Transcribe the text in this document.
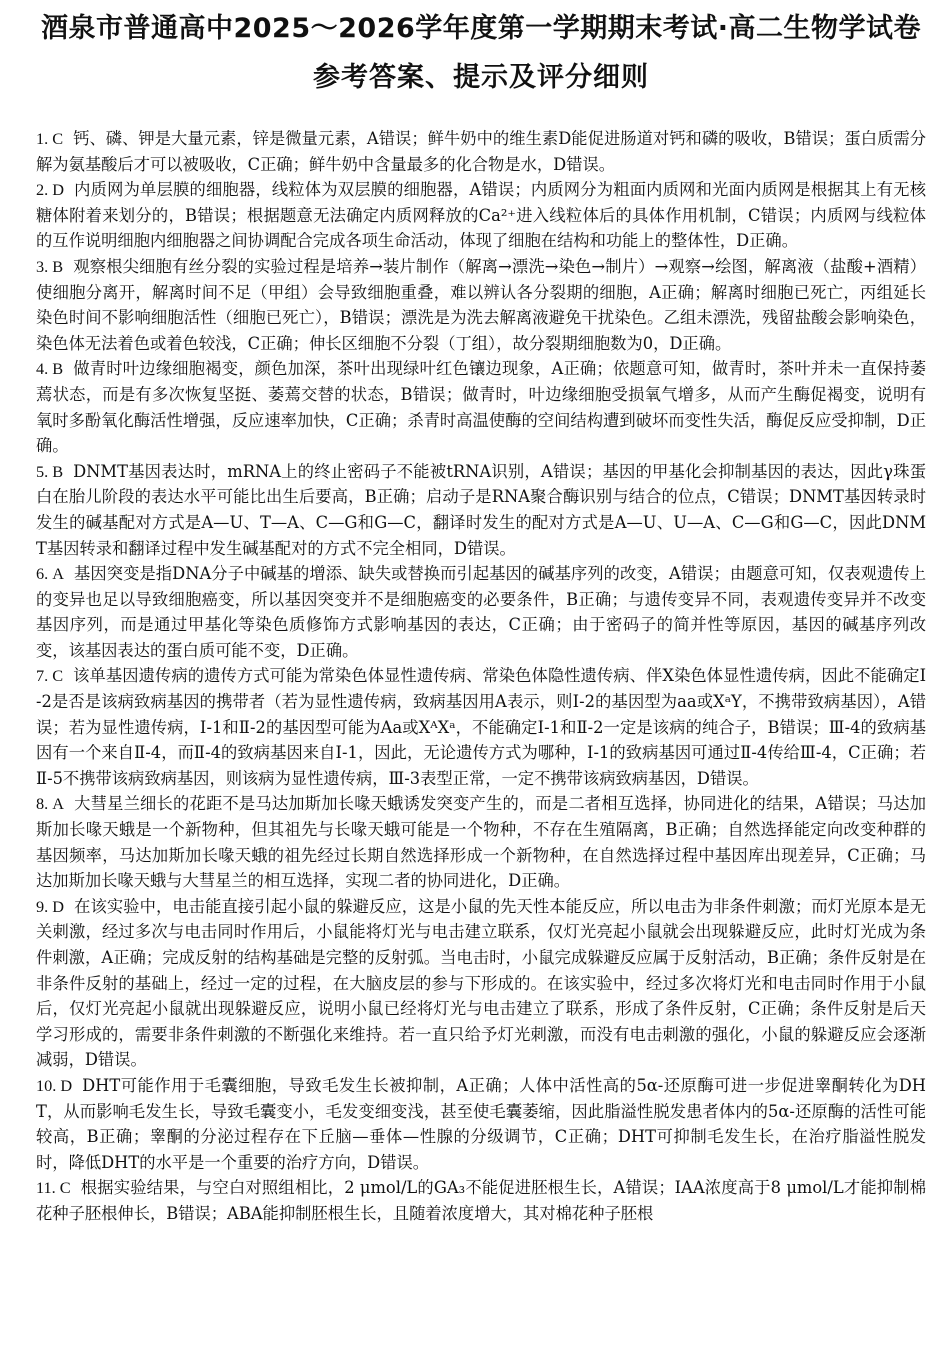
酒泉市普通高中2025～2026学年度第一学期期末考试·高二生物学试卷
参考答案、提示及评分细则

1. C 钙、磷、钾是大量元素，锌是微量元素，A错误；鲜牛奶中的维生素D能促进肠道对钙和磷的吸收，B错误；蛋白质需分解为氨基酸后才可以被吸收，C正确；鲜牛奶中含量最多的化合物是水，D错误。

2. D 内质网为单层膜的细胞器，线粒体为双层膜的细胞器，A错误；内质网分为粗面内质网和光面内质网是根据其上有无核糖体附着来划分的，B错误；根据题意无法确定内质网释放的Ca²⁺进入线粒体后的具体作用机制，C错误；内质网与线粒体的互作说明细胞内细胞器之间协调配合完成各项生命活动，体现了细胞在结构和功能上的整体性，D正确。

3. B 观察根尖细胞有丝分裂的实验过程是培养→装片制作（解离→漂洗→染色→制片）→观察→绘图，解离液（盐酸+酒精）使细胞分离开，解离时间不足（甲组）会导致细胞重叠，难以辨认各分裂期的细胞，A正确；解离时细胞已死亡，丙组延长染色时间不影响细胞活性（细胞已死亡），B错误；漂洗是为洗去解离液避免干扰染色。乙组未漂洗，残留盐酸会影响染色，染色体无法着色或着色较浅，C正确；伸长区细胞不分裂（丁组），故分裂期细胞数为0，D正确。

4. B 做青时叶边缘细胞褐变，颜色加深，茶叶出现绿叶红色镶边现象，A正确；依题意可知，做青时，茶叶并未一直保持萎蔫状态，而是有多次恢复坚挺、萎蔫交替的状态，B错误；做青时，叶边缘细胞受损氧气增多，从而产生酶促褐变，说明有氧时多酚氧化酶活性增强，反应速率加快，C正确；杀青时高温使酶的空间结构遭到破坏而变性失活，酶促反应受抑制，D正确。

5. B DNMT基因表达时，mRNA上的终止密码子不能被tRNA识别，A错误；基因的甲基化会抑制基因的表达，因此γ珠蛋白在胎儿阶段的表达水平可能比出生后要高，B正确；启动子是RNA聚合酶识别与结合的位点，C错误；DNMT基因转录时发生的碱基配对方式是A—U、T—A、C—G和G—C，翻译时发生的配对方式是A—U、U—A、C—G和G—C，因此DNMT基因转录和翻译过程中发生碱基配对的方式不完全相同，D错误。

6. A 基因突变是指DNA分子中碱基的增添、缺失或替换而引起基因的碱基序列的改变，A错误；由题意可知，仅表观遗传上的变异也足以导致细胞癌变，所以基因突变并不是细胞癌变的必要条件，B正确；与遗传变异不同，表观遗传变异并不改变基因序列，而是通过甲基化等染色质修饰方式影响基因的表达，C正确；由于密码子的简并性等原因，基因的碱基序列改变，该基因表达的蛋白质可能不变，D正确。

7. C 该单基因遗传病的遗传方式可能为常染色体显性遗传病、常染色体隐性遗传病、伴X染色体显性遗传病，因此不能确定Ⅰ-2是否是该病致病基因的携带者（若为显性遗传病，致病基因用A表示，则Ⅰ-2的基因型为aa或XᵃY，不携带致病基因），A错误；若为显性遗传病，Ⅰ-1和Ⅱ-2的基因型可能为Aa或XᴬXᵃ，不能确定Ⅰ-1和Ⅱ-2一定是该病的纯合子，B错误；Ⅲ-4的致病基因有一个来自Ⅱ-4，而Ⅱ-4的致病基因来自Ⅰ-1，因此，无论遗传方式为哪种，Ⅰ-1的致病基因可通过Ⅱ-4传给Ⅲ-4，C正确；若Ⅱ-5不携带该病致病基因，则该病为显性遗传病，Ⅲ-3表型正常，一定不携带该病致病基因，D错误。

8. A 大彗星兰细长的花距不是马达加斯加长喙天蛾诱发突变产生的，而是二者相互选择，协同进化的结果，A错误；马达加斯加长喙天蛾是一个新物种，但其祖先与长喙天蛾可能是一个物种，不存在生殖隔离，B正确；自然选择能定向改变种群的基因频率，马达加斯加长喙天蛾的祖先经过长期自然选择形成一个新物种，在自然选择过程中基因库出现差异，C正确；马达加斯加长喙天蛾与大彗星兰的相互选择，实现二者的协同进化，D正确。

9. D 在该实验中，电击能直接引起小鼠的躲避反应，这是小鼠的先天性本能反应，所以电击为非条件刺激；而灯光原本是无关刺激，经过多次与电击同时作用后，小鼠能将灯光与电击建立联系，仅灯光亮起小鼠就会出现躲避反应，此时灯光成为条件刺激，A正确；完成反射的结构基础是完整的反射弧。当电击时，小鼠完成躲避反应属于反射活动，B正确；条件反射是在非条件反射的基础上，经过一定的过程，在大脑皮层的参与下形成的。在该实验中，经过多次将灯光和电击同时作用于小鼠后，仅灯光亮起小鼠就出现躲避反应，说明小鼠已经将灯光与电击建立了联系，形成了条件反射，C正确；条件反射是后天学习形成的，需要非条件刺激的不断强化来维持。若一直只给予灯光刺激，而没有电击刺激的强化，小鼠的躲避反应会逐渐减弱，D错误。

10. D DHT可能作用于毛囊细胞，导致毛发生长被抑制，A正确；人体中活性高的5α-还原酶可进一步促进睾酮转化为DHT，从而影响毛发生长，导致毛囊变小，毛发变细变浅，甚至使毛囊萎缩，因此脂溢性脱发患者体内的5α-还原酶的活性可能较高，B正确；睾酮的分泌过程存在下丘脑—垂体—性腺的分级调节，C正确；DHT可抑制毛发生长，在治疗脂溢性脱发时，降低DHT的水平是一个重要的治疗方向，D错误。

11. C 根据实验结果，与空白对照组相比，2 μmol/L的GA₃不能促进胚根生长，A错误；IAA浓度高于8 μmol/L才能抑制棉花种子胚根伸长，B错误；ABA能抑制胚根生长，且随着浓度增大，其对棉花种子胚根
